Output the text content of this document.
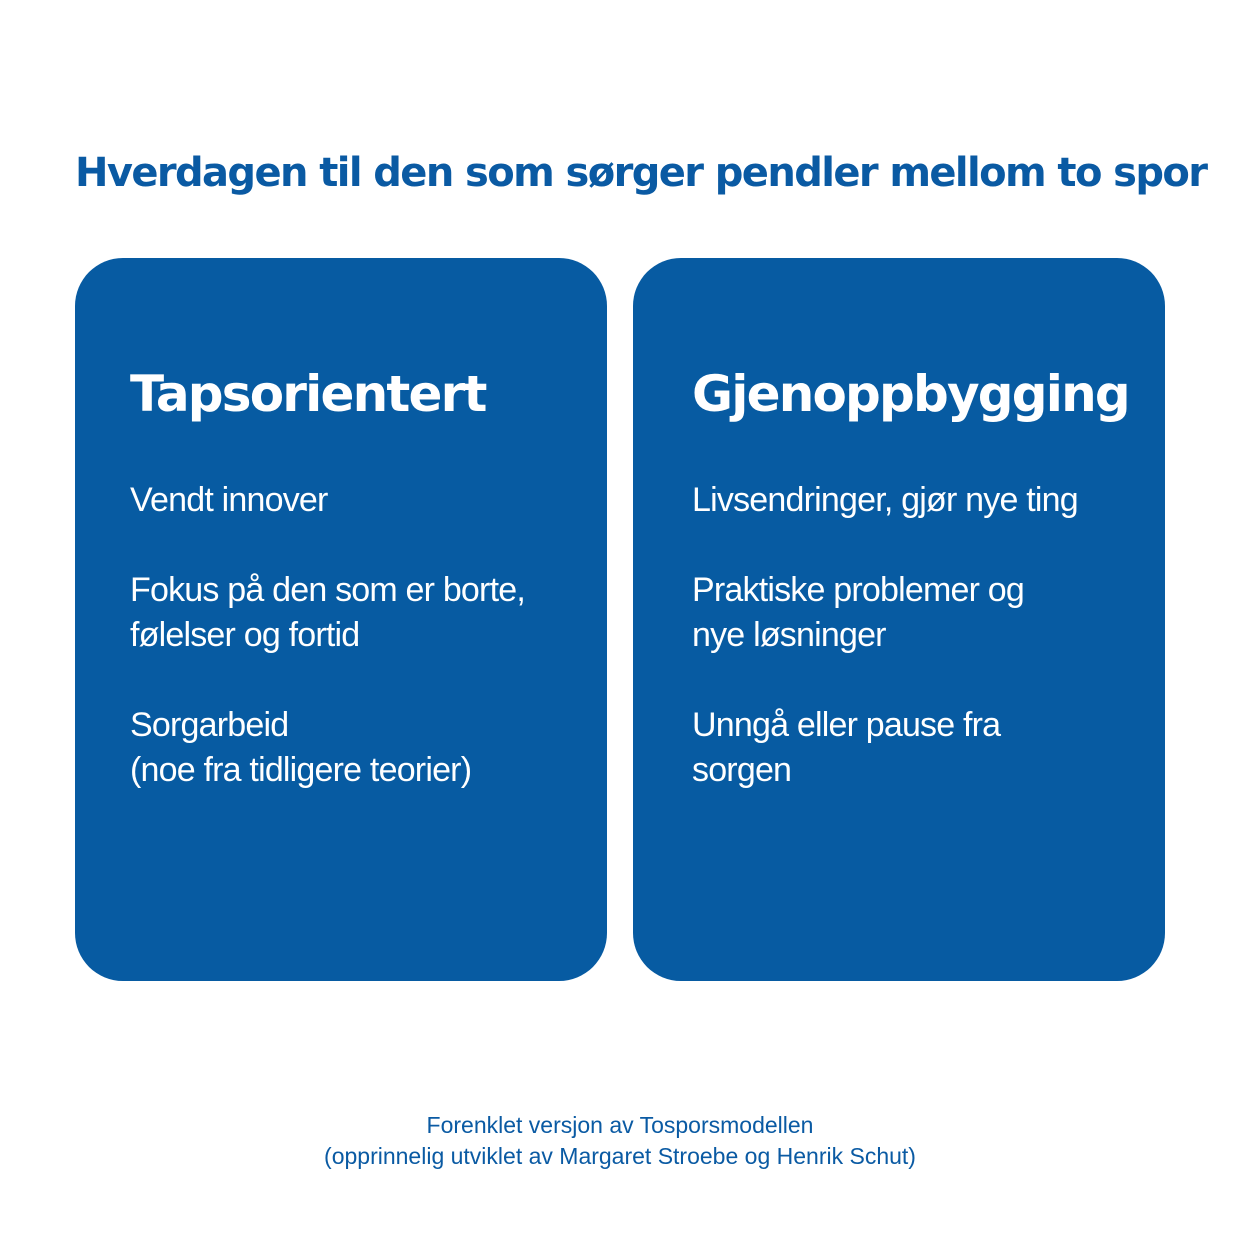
Hverdagen til den som sørger pendler mellom to spor
Tapsorientert
Vendt innover
Fokus på den som er borte,
følelser og fortid
Sorgarbeid
(noe fra tidligere teorier)
Gjenoppbygging
Livsendringer, gjør nye ting
Praktiske problemer og
nye løsninger
Unngå eller pause fra
sorgen
Forenklet versjon av Tosporsmodellen
(opprinnelig utviklet av Margaret Stroebe og Henrik Schut)
